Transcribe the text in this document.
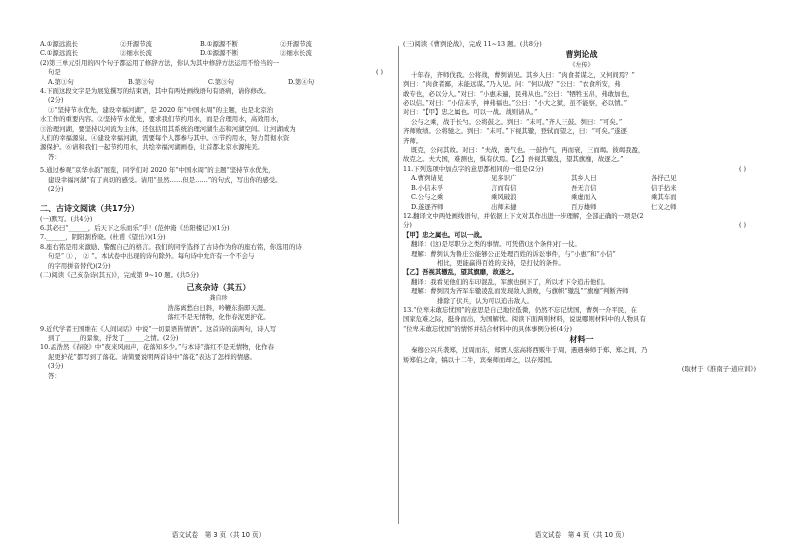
A.①源远流长	②开源节流	B.①源源不断	②开源节流
C.①源远流长	②细水长流	D.①源源不断	②细水长流
(2)第三单元引用的四个句子都运用了修辞方法，你认为其中修辞方法运用不恰当的一
句是	( )
A.第①句	B.第③句	C.第③句	D.第④句
4.下面这段文字是为展览撰写的结束语，其中有两处画线语句有语病，请你修改。
(2分)
①“坚持节水优先，建设幸福河湖”，是 2020 年“中国水周”的主题，也是北京治
水工作的重要内容。②坚持节水优先，要求我们节约用水，而是合理用水，高效用水，
③治理河湖，要坚持以河流为主体，还包括用其系统治理河湖生态和河湖空间。让河湖成为
人们的幸福源泉。④建设幸福河湖，需要每个人都参与其中。⑤节约用水，努力贯彻水资
源保护。⑥请和我们一起节约用水，共绘幸福河湖画卷，让首都北京水源纯美。
答：
5.通过参观“京华水韵”展览，同学们对 2020 年“中国水周”的主题“坚持节水优先，
建设幸福河湖”有了真切的感受。请用“虽然……但是……”的句式，写出你的感受。
(2分)
二、古诗文阅读（共17分）
(一)默写。(共4分)
6.其必曰“______，后天下之乐而乐”乎！(范仲淹《岳阳楼记》)(1分)
7.______，阴阳割昏晓。(杜甫《望岳》)(1分)
8.座右铭是用来激励、警醒自己的格言。我们的同学选择了古诗作为你的座右铭，你选用的诗
句是“ ① ， ② ”。本试卷中出现的诗句除外。每句诗中允许有一个不会与
的字用拼音替代)(2分)
(二)阅读《己亥杂诗(其五)》，完成第 9~10 题。(共5分)
己亥杂诗（其五）
龚自珍
浩荡离愁白日斜，吟鞭东指即天涯。
落红不是无情物，化作春泥更护花。
9.近代学者王国维在《人间词话》中说“一切景语皆情语”。这首诗的前两句，诗人写
到了______的景象，抒发了______之情。(2分)
10.孟浩然《春晓》中“夜来风雨声，花落知多少。”与本诗“落红不是无情物，化作春
泥更护花”都写到了落花。请简要说明两首诗中“落花”表达了怎样的情感。
(3分)
答：
语文试卷　第 3 页（共 10 页）
(三)阅读《曹刿论战》，完成 11~13 题。(共8分)
曹刿论战
《左传》
十年春，齐师伐我。公将战，曹刿请见。其乡人曰：“肉食者谋之，又何间焉？”
刿曰：“肉食者鄙，未能远谋。”乃入见。问：“何以战？”公曰：“衣食所安，弗
敢专也，必以分人。”对曰：“小惠未遍，民弗从也。”公曰：“牺牲玉帛，弗敢加也，
必以信。”对曰：“小信未孚，神弗福也。”公曰：“小大之狱，虽不能察，必以情。”
对曰：“【甲】忠之属也。可以一战。战则请从。”
公与之乘，战于长勺。公将鼓之。刿曰：“未可。”齐人三鼓。刿曰：“可矣。”
齐师败绩。公将驰之。刿曰：“未可。”下视其辙，登轼而望之，曰：“可矣。”遂逐
齐师。
既克，公问其故。对曰：“夫战，勇气也。一鼓作气，再而衰，三而竭。彼竭我盈，
故克之。夫大国，难测也，惧有伏焉。【乙】吾视其辙乱，望其旗靡，故逐之。”
11.下列选项中加点字的意思都相同的一组是(2分)	( )
A.曹刿请见	见多识广	其乡人曰	各抒己见
B.小信未孚	言而有信	吾无言信	信手拈来
C.公与之乘	乘风破浪	乘虚而入	乘其车而
D.遂逐齐师	出师未捷	百万雄师	仁义之师
12.翻译文中两处画线语句，并依据上下文对其作出进一步理解，全部正确的一项是(2
分)	( )
【甲】忠之属也。可以一战。
翻译：(这)是尽职分之类的事情。可凭借(这个条件)打一仗。
理解：曹刿认为鲁庄公能够公正处理百姓的诉讼事件，与“小惠”和“小信”
相比，更能赢得百姓的支持，是打仗的条件。
【乙】吾视其辙乱，望其旗靡，故逐之。
翻译：我看见他们的车印混乱，军旗也倒下了，所以才下令追击他们。
理解：曹刿因为齐军车辙凌乱而发现敌人溃败，与旗帜“辙乱”“旗靡”判断齐师
排除了伏兵，认为可以追击敌人。
13.“位卑未敢忘忧国”的意思是自己地位低微，仍然不忘记忧国，曹刿一介平民，在
国家危难之际，挺身而出，为国解忧。阅读下面两则材料，说说哪则材料中的人物具有
“位卑未敢忘忧国”的情怀并结合材料中的具体事例分析(4分)
材料一
秦穆公兴兵袭郑，过周而东，郑贾人弦高将西贩牛于周，遇遇秦师于郑、郑之间，乃
矫郑伯之命，犒以十二牛，宾秦师而却之，以存郑国。
(取材于《淮南子·道应训》)
语文试卷　第 4 页（共 10 页）
